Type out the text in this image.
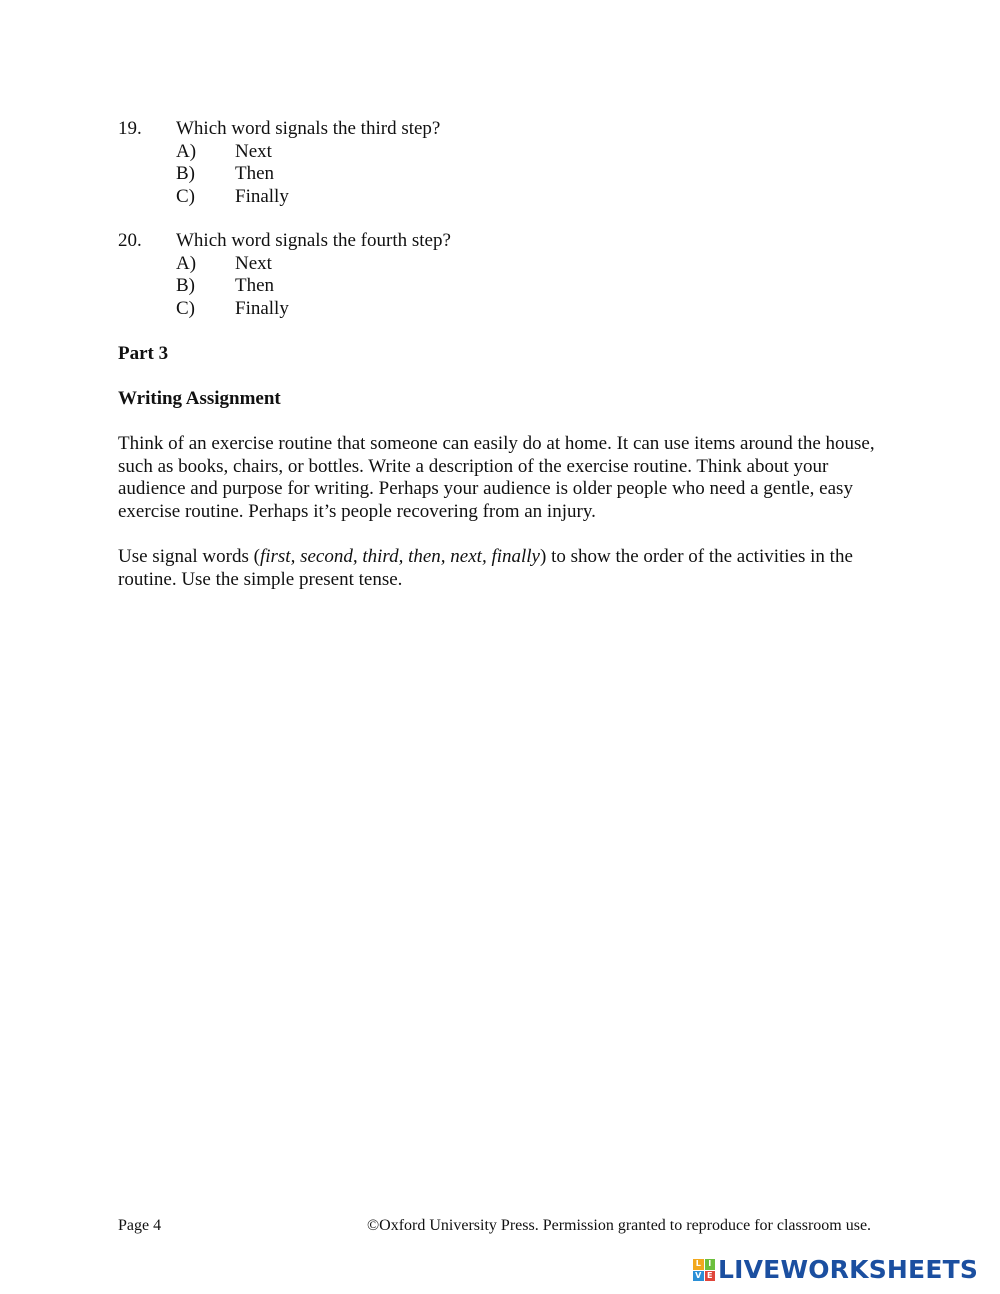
19.	Which word signals the third step?
A)	Next
B)	Then
C)	Finally
20.	Which word signals the fourth step?
A)	Next
B)	Then
C)	Finally
Part 3
Writing Assignment

Think of an exercise routine that someone can easily do at home. It can use items around the house, such as books, chairs, or bottles. Write a description of the exercise routine. Think about your audience and purpose for writing. Perhaps your audience is older people who need a gentle, easy exercise routine. Perhaps it’s people recovering from an injury.

Use signal words (first, second, third, then, next, finally) to show the order of the activities in the routine. Use the simple present tense.

Page 4	©Oxford University Press. Permission granted to reproduce for classroom use.
L I
V E LIVEWORKSHEETS
